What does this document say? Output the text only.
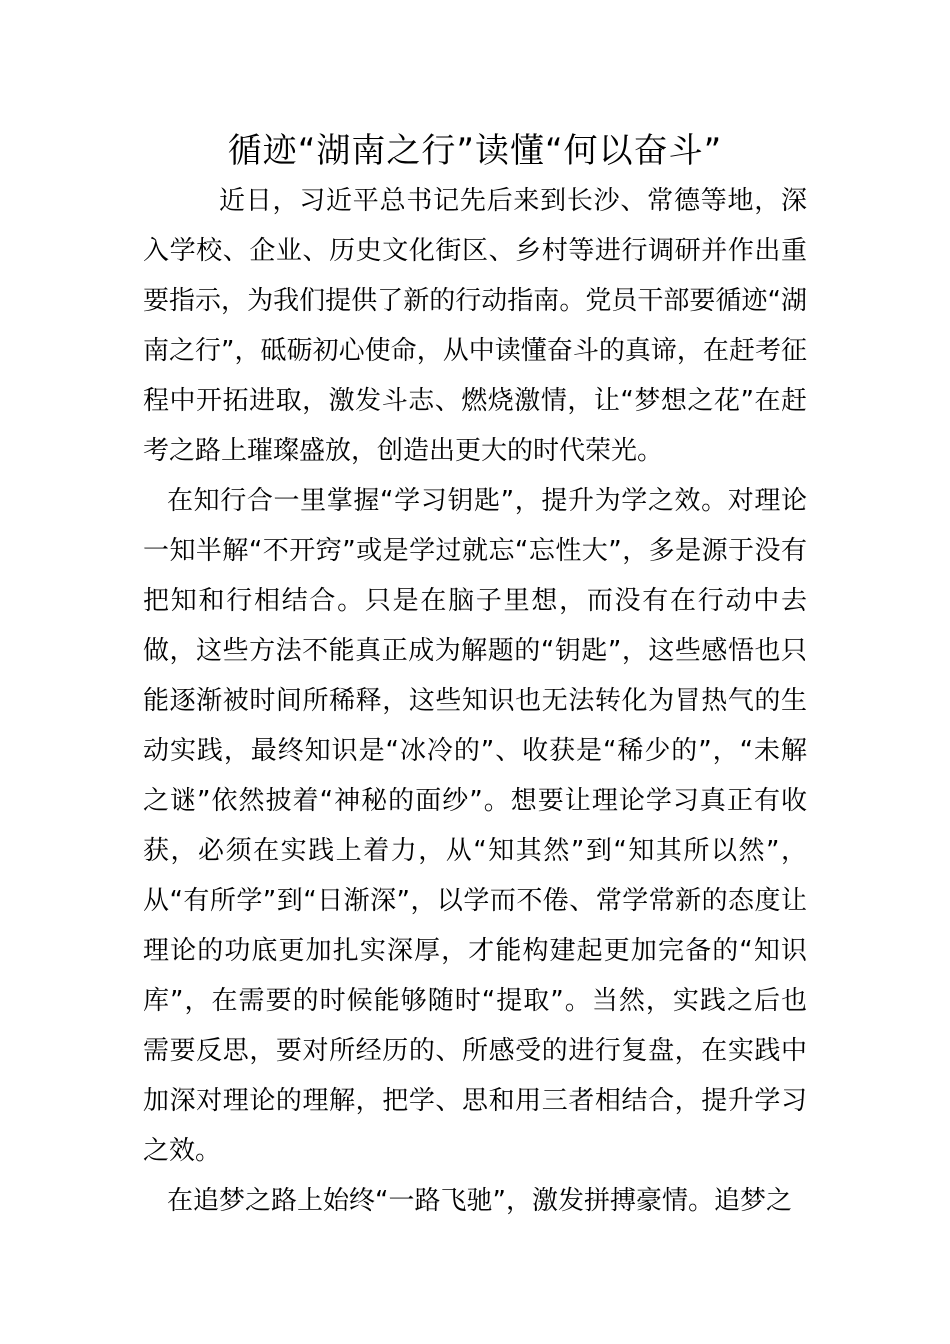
循迹“湖南之行”读懂“何以奋斗”

近日，习近平总书记先后来到长沙、常德等地，深入学校、企业、历史文化街区、乡村等进行调研并作出重要指示，为我们提供了新的行动指南。党员干部要循迹“湖南之行”，砥砺初心使命，从中读懂奋斗的真谛，在赶考征程中开拓进取，激发斗志、燃烧激情，让“梦想之花”在赶考之路上璀璨盛放，创造出更大的时代荣光。

在知行合一里掌握“学习钥匙”，提升为学之效。对理论一知半解“不开窍”或是学过就忘“忘性大”，多是源于没有把知和行相结合。只是在脑子里想，而没有在行动中去做，这些方法不能真正成为解题的“钥匙”，这些感悟也只能逐渐被时间所稀释，这些知识也无法转化为冒热气的生动实践，最终知识是“冰冷的”、收获是“稀少的”，“未解之谜”依然披着“神秘的面纱”。想要让理论学习真正有收获，必须在实践上着力，从“知其然”到“知其所以然”，从“有所学”到“日渐深”，以学而不倦、常学常新的态度让理论的功底更加扎实深厚，才能构建起更加完备的“知识库”，在需要的时候能够随时“提取”。当然，实践之后也需要反思，要对所经历的、所感受的进行复盘，在实践中加深对理论的理解，把学、思和用三者相结合，提升学习之效。

在追梦之路上始终“一路飞驰”，激发拼搏豪情。追梦之
